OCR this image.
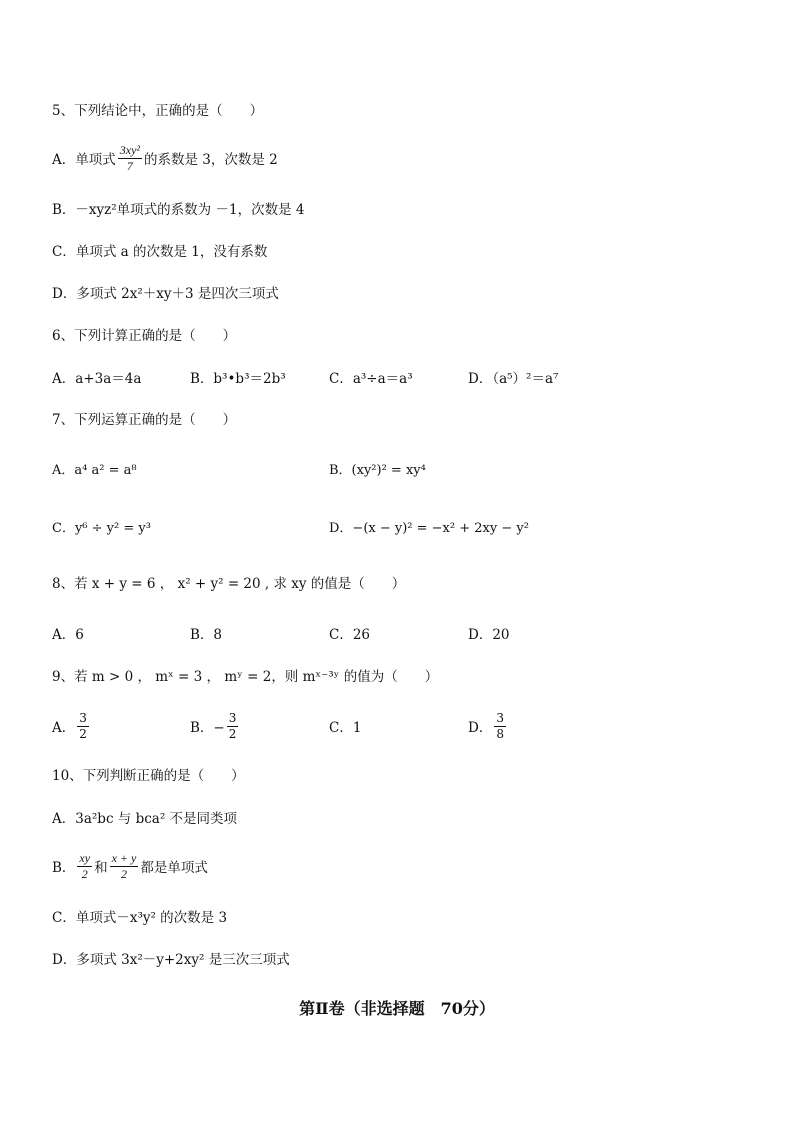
5、下列结论中，正确的是（　　）
A．单项式 $\frac{\text{3xy²}}{7}$ 的系数是 3，次数是 2
B．－xyz²单项式的系数为 －1，次数是 4
C．单项式 a 的次数是 1，没有系数
D．多项式 2x²＋xy＋3 是四次三项式
6、下列计算正确的是（　　）
A．a+3a＝4a	B．b³•b³＝2b³	C．a³÷a＝a³	D．（a⁵）²＝a⁷
7、下列运算正确的是（　　）
A．a⁴ a² = a⁸	B．(xy²)² = xy⁴
C．y⁶ ÷ y² = y³	D．−(x − y)² = −x² + 2xy − y²
8、若 x + y = 6 ， x² + y² = 20 , 求 xy 的值是（　　）
A．6	B．8	C．26	D．20
9、若 m > 0 ， mˣ = 3 ， mʸ = 2，则 mˣ⁻³ʸ 的值为（　　）
A． $\frac{3}{2}$	B．− $\frac{3}{2}$	C．1	D． $\frac{3}{8}$
10、下列判断正确的是（　　）
A．3a²bc 与 bca² 不是同类项
B． $\frac{xy}{2}$ 和 $\frac{x + y}{2}$ 都是单项式
C．单项式－x³y² 的次数是 3
D．多项式 3x²－y+2xy² 是三次三项式
第Ⅱ卷（非选择题　70分）
